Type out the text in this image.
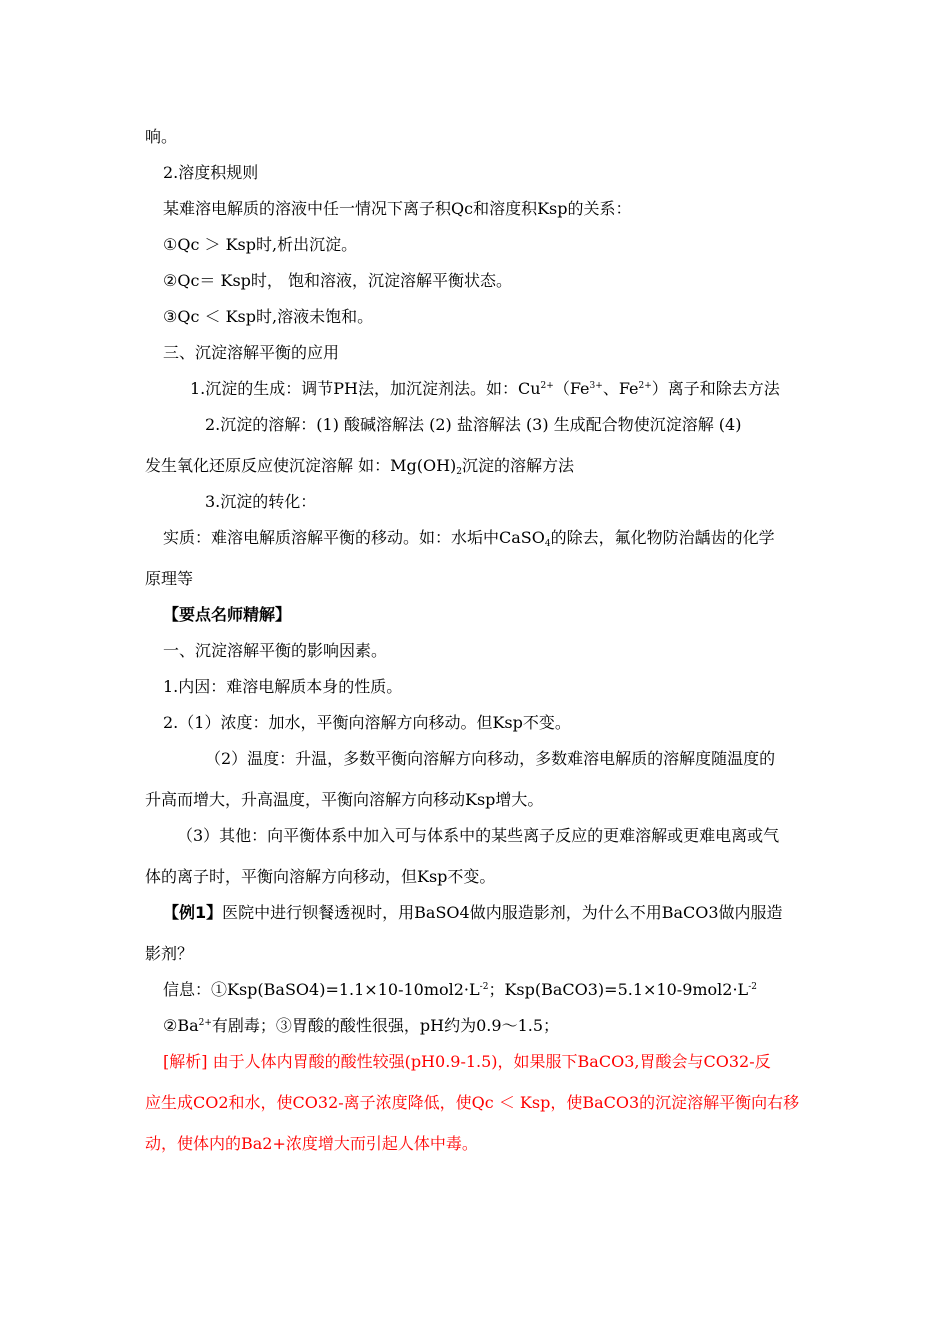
响。
2.溶度积规则
某难溶电解质的溶液中任一情况下离子积Qc和溶度积Ksp的关系：
①Qc ＞ Ksp时,析出沉淀。
②Qc＝ Ksp时， 饱和溶液，沉淀溶解平衡状态。
③Qc ＜ Ksp时,溶液未饱和。
三、沉淀溶解平衡的应用
1.沉淀的生成：调节PH法，加沉淀剂法。如：$Cu^{2+}(Fe^{3+}$、$Fe^{2+}$）离子和除去方法
2.沉淀的溶解：(1) 酸碱溶解法 (2) 盐溶解法 (3) 生成配合物使沉淀溶解 (4)
发生氧化还原反应使沉淀溶解 如：$Mg(OH)_2$沉淀的溶解方法
3.沉淀的转化：
实质：难溶电解质溶解平衡的移动。如：水垢中CaSO$_4$的除去，氟化物防治龋齿的化学
原理等
【要点名师精解】
一、沉淀溶解平衡的影响因素。
1.内因：难溶电解质本身的性质。
2.（1）浓度：加水，平衡向溶解方向移动。但Ksp不变。
（2）温度：升温，多数平衡向溶解方向移动，多数难溶电解质的溶解度随温度的
升高而增大，升高温度，平衡向溶解方向移动Ksp增大。
（3）其他：向平衡体系中加入可与体系中的某些离子反应的更难溶解或更难电离或气
体的离子时，平衡向溶解方向移动，但Ksp不变。
【例1】医院中进行钡餐透视时，用BaSO4做内服造影剂，为什么不用BaCO3做内服造
影剂？
信息：$①Ksp(BaSO4)=1.1\times 10-10mol2\cdot L^{-2}$；$Ksp(BaCO3)=5.1\times 10-9mol2\cdot L^{-2}$
$②Ba^{2+}$有剧毒；③胃酸的酸性很强，pH约为0.9～1.5；
[解析] 由于人体内胃酸的酸性较强(pH0.9-1.5)，如果服下BaCO3,胃酸会与CO32-反
应生成CO2和水，使CO32-离子浓度降低，使Qc ＜ Ksp，使BaCO3的沉淀溶解平衡向右移
动，使体内的Ba2+浓度增大而引起人体中毒。
